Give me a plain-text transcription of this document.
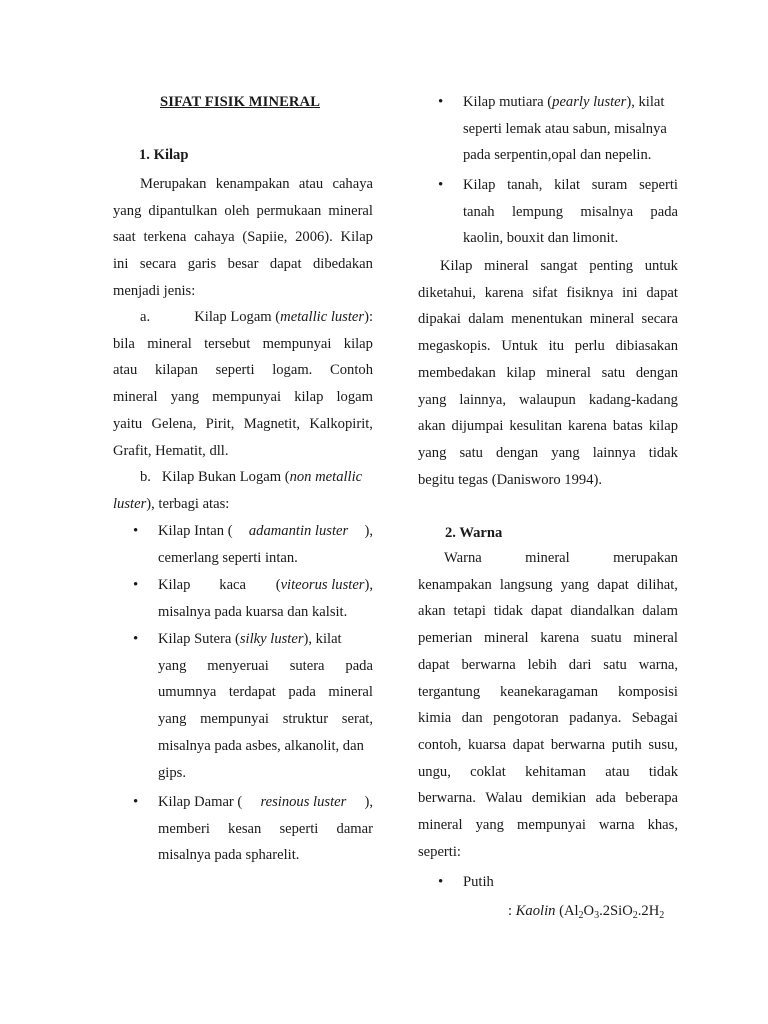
SIFAT FISIK MINERAL
1. Kilap
Merupakan kenampakan atau cahaya
yang dipantulkan oleh permukaan mineral
saat terkena cahaya (Sapiie, 2006). Kilap
ini secara garis besar dapat dibedakan
menjadi jenis:
a.	Kilap Logam (metallic luster):
bila mineral tersebut mempunyai kilap
atau kilapan seperti logam. Contoh
mineral yang mempunyai kilap logam
yaitu Gelena, Pirit, Magnetit, Kalkopirit,
Grafit, Hematit, dll.
b. Kilap Bukan Logam (non metallic
luster), terbagi atas:
•
Kilap Intan ( adamantin luster ),
cemerlang seperti intan.
•
Kilap kaca (viteorus luster),
misalnya pada kuarsa dan kalsit.
•
Kilap Sutera (silky luster), kilat
yang menyeruai sutera pada
umumnya terdapat pada mineral
yang mempunyai struktur serat,
misalnya pada asbes, alkanolit, dan
gips.
•
Kilap Damar ( resinous luster ),
memberi kesan seperti damar
misalnya pada spharelit.
•
Kilap mutiara (pearly luster), kilat
seperti lemak atau sabun, misalnya
pada serpentin,opal dan nepelin.
•
Kilap tanah, kilat suram seperti
tanah lempung misalnya pada
kaolin, bouxit dan limonit.
Kilap mineral sangat penting untuk
diketahui, karena sifat fisiknya ini dapat
dipakai dalam menentukan mineral secara
megaskopis. Untuk itu perlu dibiasakan
membedakan kilap mineral satu dengan
yang lainnya, walaupun kadang-kadang
akan dijumpai kesulitan karena batas kilap
yang satu dengan yang lainnya tidak
begitu tegas (Danisworo 1994).
2. Warna
Warna	mineral	merupakan
kenampakan langsung yang dapat dilihat,
akan tetapi tidak dapat diandalkan dalam
pemerian mineral karena suatu mineral
dapat berwarna lebih dari satu warna,
tergantung keanekaragaman komposisi
kimia dan pengotoran padanya. Sebagai
contoh, kuarsa dapat berwarna putih susu,
ungu, coklat kehitaman atau tidak
berwarna. Walau demikian ada beberapa
mineral yang mempunyai warna khas,
seperti:
•
Putih
: Kaolin ($Al_2O_3.2SiO_2.2H_2$
